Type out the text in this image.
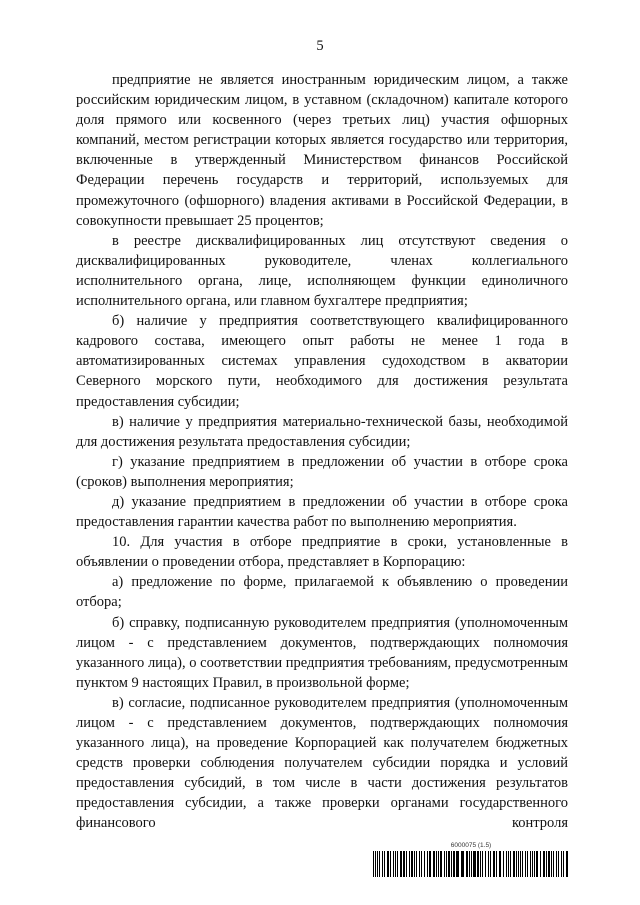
5

предприятие не является иностранным юридическим лицом, а также российским юридическим лицом, в уставном (складочном) капитале которого доля прямого или косвенного (через третьих лиц) участия офшорных компаний, местом регистрации которых является государство или территория, включенные в утвержденный Министерством финансов Российской Федерации перечень государств и территорий, используемых для промежуточного (офшорного) владения активами в Российской Федерации, в совокупности превышает 25 процентов;

в реестре дисквалифицированных лиц отсутствуют сведения о дисквалифицированных руководителе, членах коллегиального исполнительного органа, лице, исполняющем функции единоличного исполнительного органа, или главном бухгалтере предприятия;

б) наличие у предприятия соответствующего квалифицированного кадрового состава, имеющего опыт работы не менее 1 года в автоматизированных системах управления судоходством в акватории Северного морского пути, необходимого для достижения результата предоставления субсидии;

в) наличие у предприятия материально-технической базы, необходимой для достижения результата предоставления субсидии;

г) указание предприятием в предложении об участии в отборе срока (сроков) выполнения мероприятия;

д) указание предприятием в предложении об участии в отборе срока предоставления гарантии качества работ по выполнению мероприятия.

10. Для участия в отборе предприятие в сроки, установленные в объявлении о проведении отбора, представляет в Корпорацию:

а) предложение по форме, прилагаемой к объявлению о проведении отбора;

б) справку, подписанную руководителем предприятия (уполномоченным лицом - с представлением документов, подтверждающих полномочия указанного лица), о соответствии предприятия требованиям, предусмотренным пунктом 9 настоящих Правил, в произвольной форме;

в) согласие, подписанное руководителем предприятия (уполномоченным лицом - с представлением документов, подтверждающих полномочия указанного лица), на проведение Корпорацией как получателем бюджетных средств проверки соблюдения получателем субсидии порядка и условий предоставления субсидий, в том числе в части достижения результатов предоставления субсидии, а также проверки органами государственного финансового контроля

6000075 (1.5)
